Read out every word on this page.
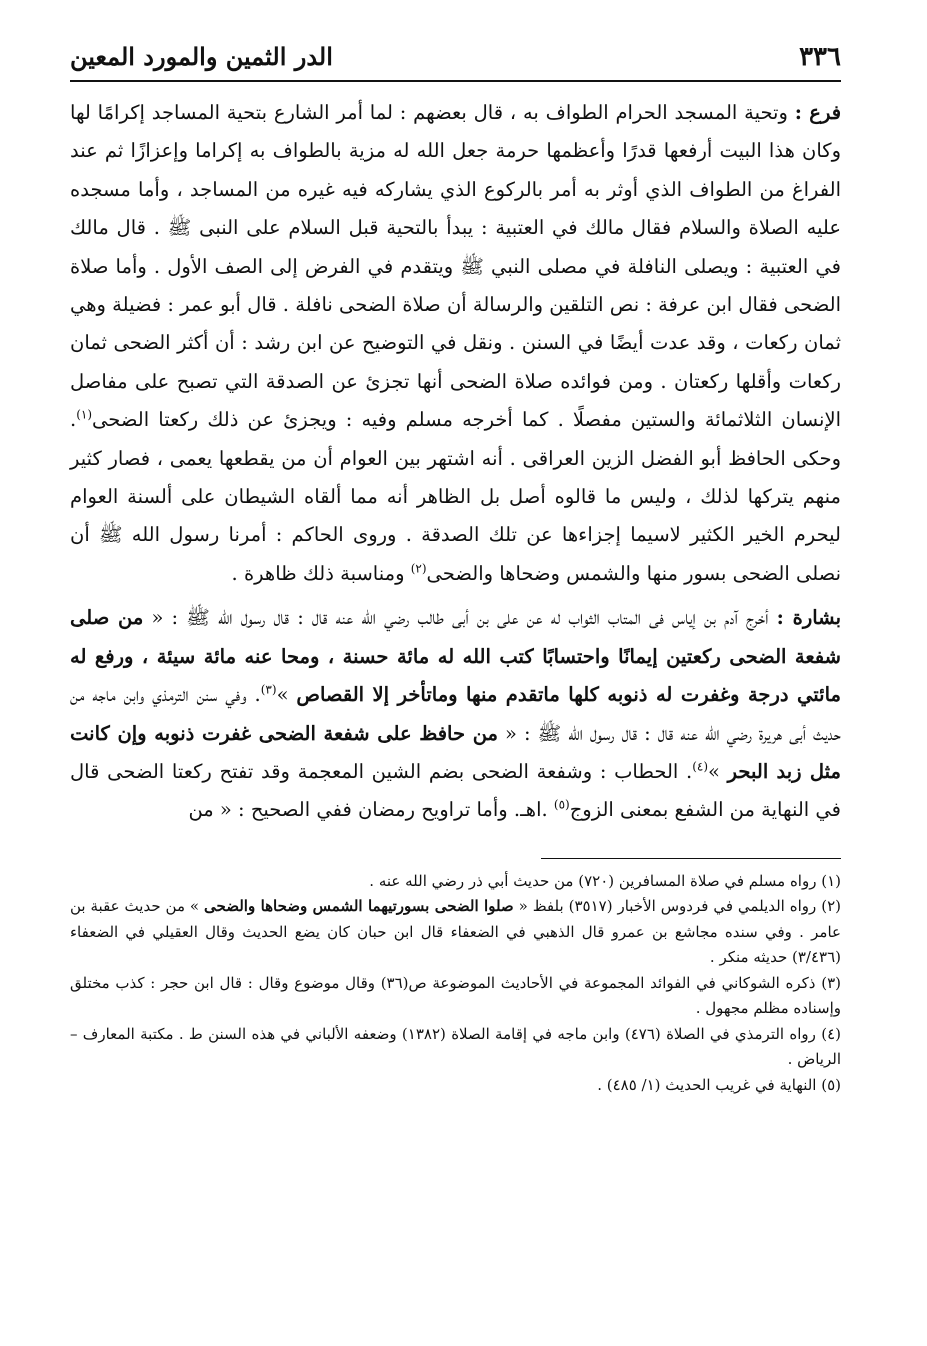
٣٣٦
الدر الثمين والمورد المعين

فرع : وتحية المسجد الحرام الطواف به ، قال بعضهم : لما أمر الشارع بتحية المساجد إكرامًا لها وكان هذا البيت أرفعها قدرًا وأعظمها حرمة جعل الله له مزية بالطواف به إكراما وإعزازًا ثم عند الفراغ من الطواف الذي أوثر به أمر بالركوع الذي يشاركه فيه غيره من المساجد ، وأما مسجده عليه الصلاة والسلام فقال مالك في العتبية : يبدأ بالتحية قبل السلام على النبى ﷺ . قال مالك في العتبية : ويصلى النافلة في مصلى النبي ﷺ ويتقدم في الفرض إلى الصف الأول . وأما صلاة الضحى فقال ابن عرفة : نص التلقين والرسالة أن صلاة الضحى نافلة . قال أبو عمر : فضيلة وهي ثمان ركعات ، وقد عدت أيضًا في السنن . ونقل في التوضيح عن ابن رشد : أن أكثر الضحى ثمان ركعات وأقلها ركعتان . ومن فوائده صلاة الضحى أنها تجزئ عن الصدقة التي تصبح على مفاصل الإنسان الثلاثمائة والستين مفصلًا . كما أخرجه مسلم وفيه : ويجزئ عن ذلك ركعتا الضحى$^{(١)}$. وحكى الحافظ أبو الفضل الزين العراقى . أنه اشتهر بين العوام أن من يقطعها يعمى ، فصار كثير منهم يتركها لذلك ، وليس ما قالوه أصل بل الظاهر أنه مما ألقاه الشيطان على ألسنة العوام ليحرم الخير الكثير لاسيما إجزاءها عن تلك الصدقة . وروى الحاكم : أمرنا رسول الله ﷺ أن نصلى الضحى بسور منها والشمس وضحاها والضحى$^{(٢)}$ ومناسبة ذلك ظاهرة .

بشارة : أخرج آدم بن إياس فى المتاب الثواب له عن على بن أبى طالب رضي الله عنه قال : قال رسول الله ﷺ : « من صلى شفعة الضحى ركعتين إيمانًا واحتسابًا كتب الله له مائة حسنة ، ومحا عنه مائة سيئة ، ورفع له مائتي درجة وغفرت له ذنوبه كلها ماتقدم منها وماتأخر إلا القصاص »$^{(٣)}$. وفي سنن الترمذي وابن ماجه من حديث أبى هريرة رضي الله عنه قال : قال رسول الله ﷺ : « من حافظ على شفعة الضحى غفرت ذنوبه وإن كانت مثل زبد البحر »$^{(٤)}$. الحطاب : وشفعة الضحى بضم الشين المعجمة وقد تفتح ركعتا الضحى قال في النهاية من الشفع بمعنى الزوج$^{(٥)}$ .اهـ. وأما تراويح رمضان ففي الصحيح : « من

(١) رواه مسلم في صلاة المسافرين (٧٢٠) من حديث أبي ذر رضي الله عنه .

(٢) رواه الديلمي في فردوس الأخبار (٣٥١٧) بلفظ « صلوا الضحى بسورتيهما الشمس وضحاها والضحى » من حديث عقبة بن عامر . وفي سنده مجاشع بن عمرو قال الذهبي في الضعفاء قال ابن حبان كان يضع الحديث وقال العقيلي في الضعفاء (٣/٤٣٦) حديثه منكر .

(٣) ذكره الشوكاني في الفوائد المجموعة في الأحاديث الموضوعة ص(٣٦) وقال موضوع وقال : قال ابن حجر : كذب مختلق وإسناده مظلم مجهول .

(٤) رواه الترمذي في الصلاة (٤٧٦) وابن ماجه في إقامة الصلاة (١٣٨٢) وضعفه الألباني في هذه السنن ط . مكتبة المعارف – الرياض .

(٥) النهاية في غريب الحديث (١/ ٤٨٥) .
